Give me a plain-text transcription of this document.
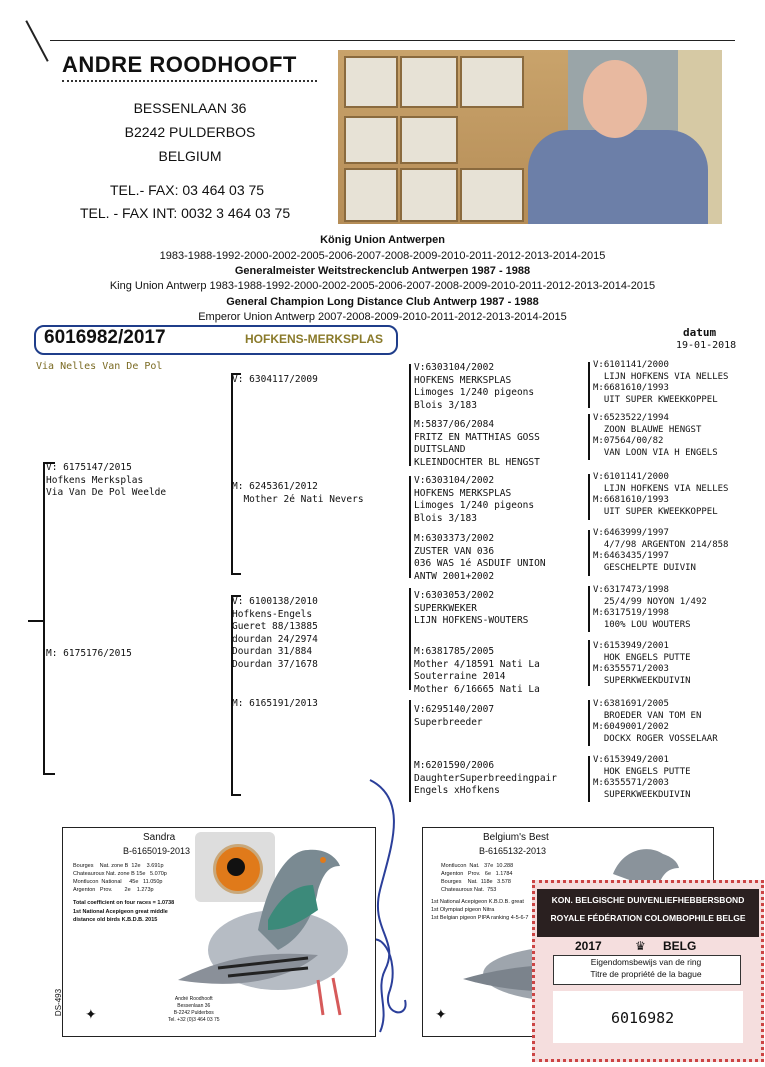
ANDRE ROODHOOFT
BESSENLAAN 36
B2242 PULDERBOS
BELGIUM
TEL.- FAX: 03 464 03 75
TEL. - FAX INT: 0032 3 464 03 75
König Union Antwerpen
1983-1988-1992-2000-2002-2005-2006-2007-2008-2009-2010-2011-2012-2013-2014-2015
Generalmeister Weitstreckenclub Antwerpen 1987 - 1988
King Union Antwerp 1983-1988-1992-2000-2002-2005-2006-2007-2008-2009-2010-2011-2012-2013-2014-2015
General Champion Long Distance Club Antwerp 1987 - 1988
Emperor Union Antwerp 2007-2008-2009-2010-2011-2012-2013-2014-2015
6016982/2017	HOFKENS-MERKSPLAS	datum
19-01-2018
Via Nelles Van De Pol
V: 6175147/2015
Hofkens Merksplas
Via Van De Pol Weelde
M: 6175176/2015
V: 6304117/2009
M: 6245361/2012
Mother 2é Nati Nevers
V: 6100138/2010
Hofkens-Engels
Gueret 88/13885
dourdan 24/2974
Dourdan 31/884
Dourdan 37/1678
M: 6165191/2013
V:6303104/2002
HOFKENS MERKSPLAS
Limoges 1/240 pigeons
Blois 3/183
M:5837/06/2084
FRITZ EN MATTHIAS GOSS
DUITSLAND
KLEINDOCHTER BL HENGST
V:6303104/2002
HOFKENS MERKSPLAS
Limoges 1/240 pigeons
Blois 3/183
M:6303373/2002
ZUSTER VAN 036
036 WAS 1é ASDUIF UNION
ANTW 2001+2002
V:6303053/2002
SUPERKWEKER
LIJN HOFKENS-WOUTERS
M:6381785/2005
Mother 4/18591 Nati La
Souterraine 2014
Mother 6/16665 Nati La
V:6295140/2007
Superbreeder
M:6201590/2006
DaughterSuperbreedingpair
Engels xHofkens
V:6101141/2000
LIJN HOFKENS VIA NELLES
M:6681610/1993
UIT SUPER KWEEKKOPPEL
V:6523522/1994
ZOON BLAUWE HENGST
M:07564/00/82
VAN LOON VIA H ENGELS
V:6101141/2000
LIJN HOFKENS VIA NELLES
M:6681610/1993
UIT SUPER KWEEKKOPPEL
V:6463999/1997
4/7/98 ARGENTON 214/858
M:6463435/1997
GESCHELPTE DUIVIN
V:6317473/1998
25/4/99 NOYON 1/492
M:6317519/1998
100% LOU WOUTERS
V:6153949/2001
HOK ENGELS PUTTE
M:6355571/2003
SUPERKWEEKDUIVIN
V:6381691/2005
BROEDER VAN TOM EN
M:6049001/2002
DOCKX ROGER VOSSELAAR
V:6153949/2001
HOK ENGELS PUTTE
M:6355571/2003
SUPERKWEEKDUIVIN
Sandra
B-6165019-2013
Bourges    Nat. zone B  12e    3.691p
Chateauroux Nat. zone B 15e   5.070p
Montlucon  National     45e   11.050p
Argenton   Prov.        2e    1.273p
Total coefficient on four races = 1.0738
1st National Acepigeon great middle
distance old birds K.B.D.B. 2015
André Roodhooft
Bessenlaan 36
B-2242 Pulderbos
Tel. +32 (0)3 464 03 75
DS-493 ✦
Belgium's Best
B-6165132-2013
Montlucon  Nat.   37e  10.288
Argenton   Prov.   6e   1.1784
Bourges    Nat.  118e   3.578
Chateauroux Nat.  753
1st National Acepigeon K.B.D.B. great
1st Olympiad pigeon Nitra
1st Belgian pigeon PIPA ranking 4-5-6-7
✦
KON. BELGISCHE DUIVENLIEFHEBBERSBOND
ROYALE FÉDÉRATION COLOMBOPHILE BELGE
2017	♛ BELG
Eigendomsbewijs van de ring
Titre de propriété de la bague
6016982
